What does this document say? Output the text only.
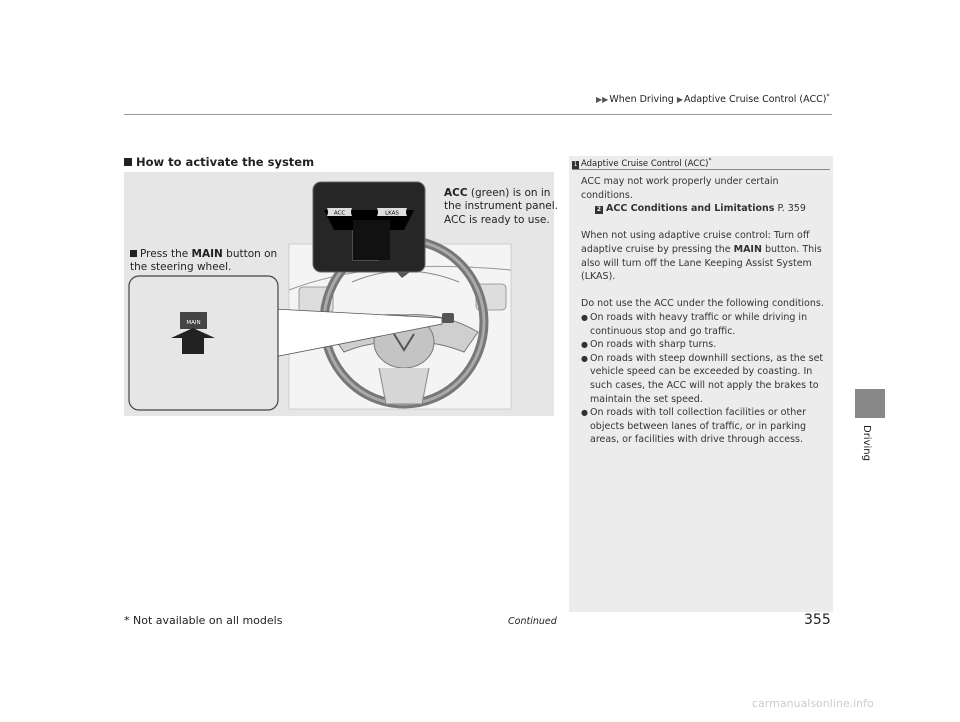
▶▶When Driving ▶Adaptive Cruise Control (ACC)*
Driving
How to activate the system
MAIN
ACC	LKAS
ACC (green) is on in the instrument panel.
ACC is ready to use.
Press the MAIN button on the steering wheel.
1 Adaptive Cruise Control (ACC)*

ACC may not work properly under certain conditions.
2 ACC Conditions and Limitations P. 359

When not using adaptive cruise control: Turn off adaptive cruise by pressing the MAIN button. This also will turn off the Lane Keeping Assist System (LKAS).

Do not use the ACC under the following conditions.

● On roads with heavy traffic or while driving in continuous stop and go traffic.
● On roads with sharp turns.
● On roads with steep downhill sections, as the set vehicle speed can be exceeded by coasting. In such cases, the ACC will not apply the brakes to maintain the set speed.
● On roads with toll collection facilities or other objects between lanes of traffic, or in parking areas, or facilities with drive through access.
* Not available on all models	Continued	355
carmanualsonline.info
